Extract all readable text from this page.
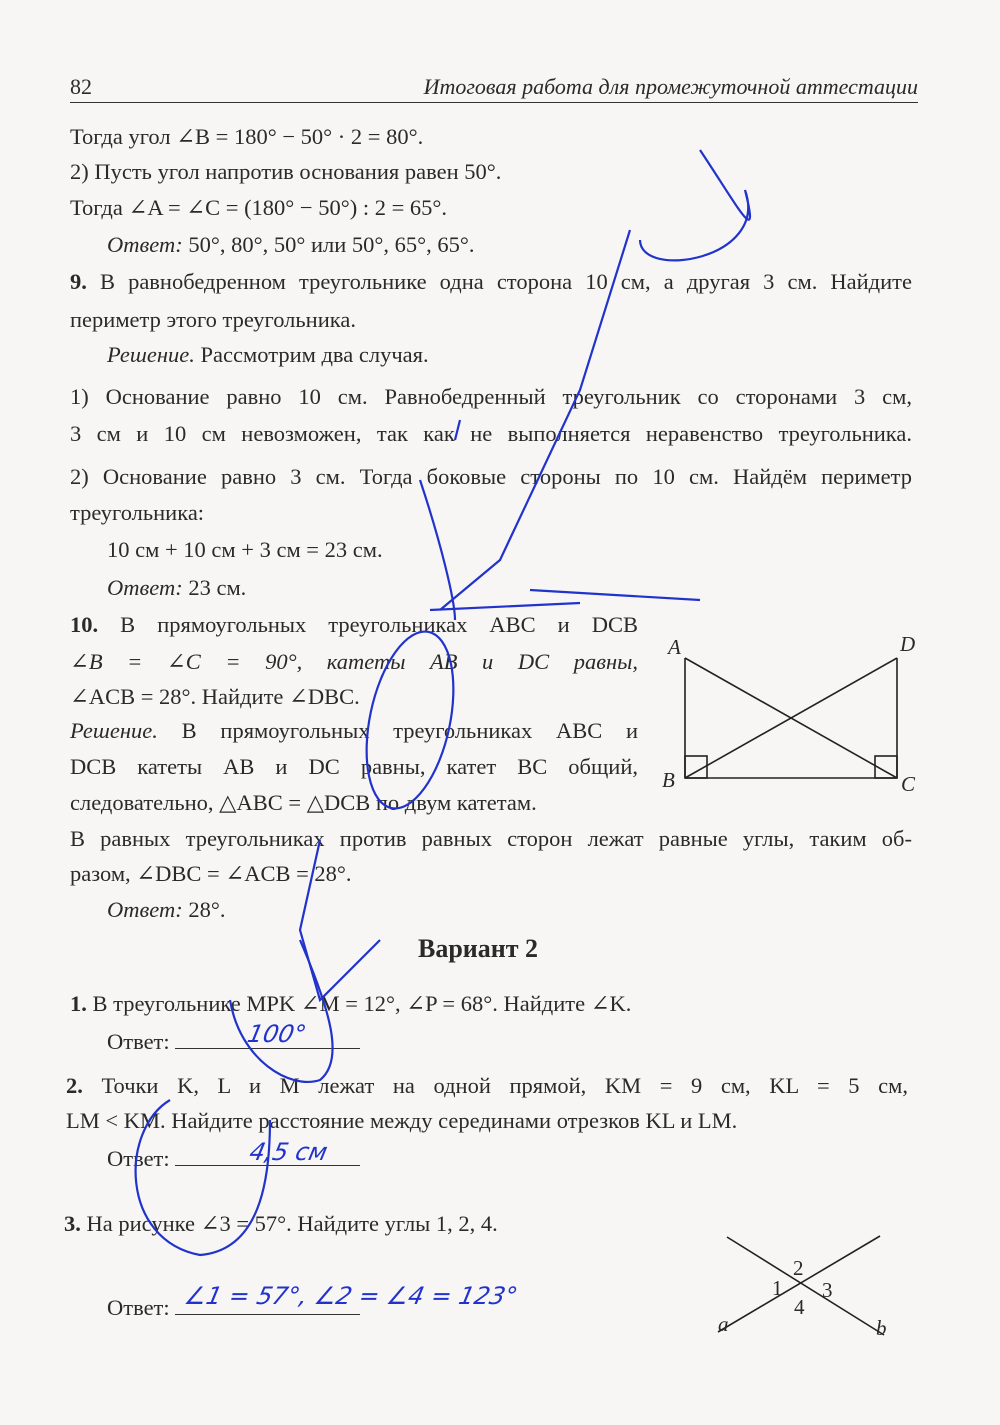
82	Итоговая работа для промежуточной аттестации
Тогда угол ∠B = 180° − 50° · 2 = 80°.
2) Пусть угол напротив основания равен 50°.
Тогда ∠A = ∠C = (180° − 50°) : 2 = 65°.
Ответ: 50°, 80°, 50° или 50°, 65°, 65°.
9. В равнобедренном треугольнике одна сторона 10 см, а другая 3 см. Найдите
периметр этого треугольника.
Решение. Рассмотрим два случая.
1) Основание равно 10 см. Равнобедренный треугольник со сторонами 3 см,
3 см и 10 см невозможен, так как не выполняется неравенство треугольника.
2) Основание равно 3 см. Тогда боковые стороны по 10 см. Найдём периметр
треугольника:
10 см + 10 см + 3 см = 23 см.
Ответ: 23 см.
10. В прямоугольных треугольниках ABC и DCB
∠B = ∠C = 90°, катеты AB и DC равны,
∠ACB = 28°. Найдите ∠DBC.
Решение. В прямоугольных треугольниках ABC и
DCB катеты AB и DC равны, катет BC общий,
следовательно, △ABC = △DCB по двум катетам.
В равных треугольниках против равных сторон лежат равные углы, таким об-
разом, ∠DBC = ∠ACB = 28°.
Ответ: 28°.
Вариант 2
1. В треугольнике MPK ∠M = 12°, ∠P = 68°. Найдите ∠K.
Ответ:	100°
2. Точки K, L и M лежат на одной прямой, KM = 9 см, KL = 5 см,
LM < KM. Найдите расстояние между серединами отрезков KL и LM.
Ответ:	4,5 см
3. На рисунке ∠3 = 57°. Найдите углы 1, 2, 4.
Ответ: ∠1 = 57°, ∠2 = ∠4 = 123°
A	D
B	C
2
1 3
4
a	b
